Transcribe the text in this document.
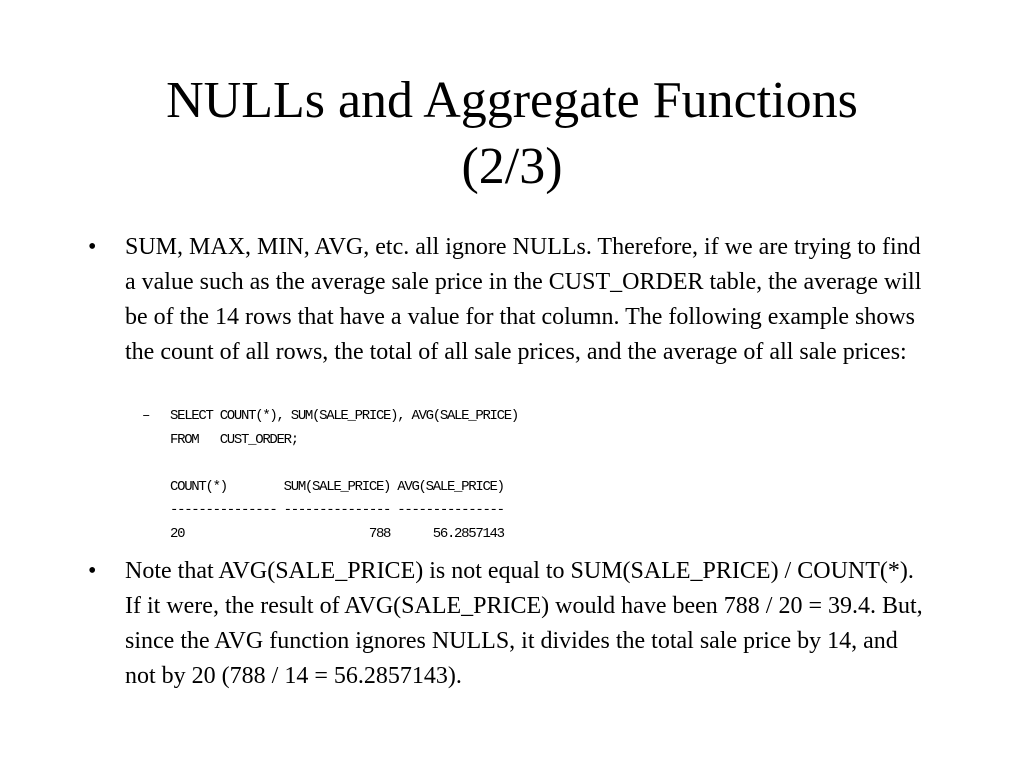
NULLs and Aggregate Functions
(2/3)
• SUM, MAX, MIN, AVG, etc. all ignore NULLs. Therefore, if we are trying to find a value such as the average sale price in the CUST_ORDER table, the average will be of the 14 rows that have a value for that column. The following example shows the count of all rows, the total of all sale prices, and the average of all sale prices:
– SELECT COUNT(*), SUM(SALE_PRICE), AVG(SALE_PRICE)
FROM   CUST_ORDER;

COUNT(*)        SUM(SALE_PRICE) AVG(SALE_PRICE)
--------------- --------------- ---------------
20                          788      56.2857143
• Note that AVG(SALE_PRICE) is not equal to SUM(SALE_PRICE) / COUNT(*). If it were, the result of AVG(SALE_PRICE) would have been 788 / 20 = 39.4. But, since the AVG function ignores NULLS, it divides the total sale price by 14, and not by 20 (788 / 14 = 56.2857143).
